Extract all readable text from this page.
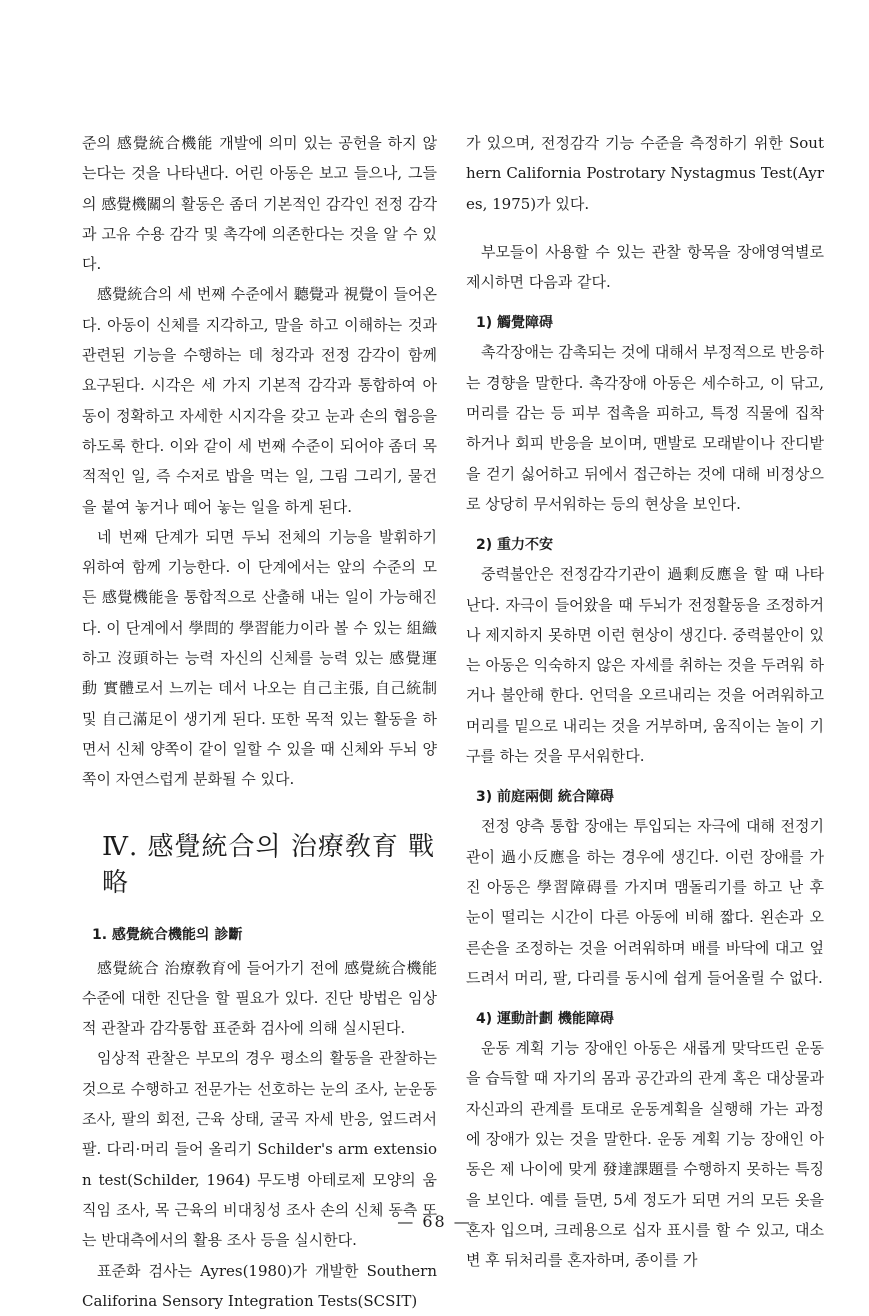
준의 感覺統合機能 개발에 의미 있는 공헌을 하지 않는다는 것을 나타낸다. 어린 아동은 보고 들으나, 그들의 感覺機關의 활동은 좀더 기본적인 감각인 전정 감각과 고유 수용 감각 및 촉각에 의존한다는 것을 알 수 있다.

感覺統合의 세 번째 수준에서 聽覺과 視覺이 들어온다. 아동이 신체를 지각하고, 말을 하고 이해하는 것과 관련된 기능을 수행하는 데 청각과 전정 감각이 함께 요구된다. 시각은 세 가지 기본적 감각과 통합하여 아동이 정확하고 자세한 시지각을 갖고 눈과 손의 협응을 하도록 한다. 이와 같이 세 번째 수준이 되어야 좀더 목적적인 일, 즉 수저로 밥을 먹는 일, 그림 그리기, 물건을 붙여 놓거나 떼어 놓는 일을 하게 된다.

네 번째 단계가 되면 두뇌 전체의 기능을 발휘하기 위하여 함께 기능한다. 이 단계에서는 앞의 수준의 모든 感覺機能을 통합적으로 산출해 내는 일이 가능해진다. 이 단계에서 學問的 學習能力이라 볼 수 있는 組織하고 沒頭하는 능력 자신의 신체를 능력 있는 感覺運動 實體로서 느끼는 데서 나오는 自己主張, 自己統制 및 自己滿足이 생기게 된다. 또한 목적 있는 활동을 하면서 신체 양쪽이 같이 일할 수 있을 때 신체와 두뇌 양쪽이 자연스럽게 분화될 수 있다.

Ⅳ. 感覺統合의 治療敎育 戰略
1. 感覺統合機能의 診斷

感覺統合 治療敎育에 들어가기 전에 感覺統合機能 수준에 대한 진단을 할 필요가 있다. 진단 방법은 임상적 관찰과 감각통합 표준화 검사에 의해 실시된다.

임상적 관찰은 부모의 경우 평소의 활동을 관찰하는 것으로 수행하고 전문가는 선호하는 눈의 조사, 눈운동 조사, 팔의 회전, 근육 상태, 굴곡 자세 반응, 엎드려서 팔. 다리·머리 들어 올리기 Schilder's arm extension test(Schilder, 1964) 무도병 아테로제 모양의 움직임 조사, 목 근육의 비대칭성 조사 손의 신체 동측 또는 반대측에서의 활용 조사 등을 실시한다.

표준화 검사는 Ayres(1980)가 개발한 Southern Califorina Sensory Integration Tests(SCSIT)

가 있으며, 전정감각 기능 수준을 측정하기 위한 Southern California Postrotary Nystagmus Test(Ayres, 1975)가 있다.

부모들이 사용할 수 있는 관찰 항목을 장애영역별로 제시하면 다음과 같다.

1) 觸覺障碍

촉각장애는 감촉되는 것에 대해서 부정적으로 반응하는 경향을 말한다. 촉각장애 아동은 세수하고, 이 닦고, 머리를 감는 등 피부 접촉을 피하고, 특정 직물에 집착하거나 회피 반응을 보이며, 맨발로 모래밭이나 잔디밭을 걷기 싫어하고 뒤에서 접근하는 것에 대해 비정상으로 상당히 무서워하는 등의 현상을 보인다.

2) 重力不安

중력불안은 전정감각기관이 過剩反應을 할 때 나타난다. 자극이 들어왔을 때 두뇌가 전정활동을 조정하거나 제지하지 못하면 이런 현상이 생긴다. 중력불안이 있는 아동은 익숙하지 않은 자세를 취하는 것을 두려워 하거나 불안해 한다. 언덕을 오르내리는 것을 어려워하고 머리를 밑으로 내리는 것을 거부하며, 움직이는 놀이 기구를 하는 것을 무서워한다.

3) 前庭兩側 統合障碍

전정 양측 통합 장애는 투입되는 자극에 대해 전정기관이 過小反應을 하는 경우에 생긴다. 이런 장애를 가진 아동은 學習障碍를 가지며 맴돌리기를 하고 난 후 눈이 떨리는 시간이 다른 아동에 비해 짧다. 왼손과 오른손을 조정하는 것을 어려워하며 배를 바닥에 대고 엎드려서 머리, 팔, 다리를 동시에 쉽게 들어올릴 수 없다.

4) 運動計劃 機能障碍

운동 계획 기능 장애인 아동은 새롭게 맞닥뜨린 운동을 습득할 때 자기의 몸과 공간과의 관계 혹은 대상물과 자신과의 관계를 토대로 운동계획을 실행해 가는 과정에 장애가 있는 것을 말한다. 운동 계획 기능 장애인 아동은 제 나이에 맞게 發達課題를 수행하지 못하는 특징을 보인다. 예를 들면, 5세 정도가 되면 거의 모든 옷을 혼자 입으며, 크레용으로 십자 표시를 할 수 있고, 대소변 후 뒤처리를 혼자하며, 종이를 가

— 68 —
